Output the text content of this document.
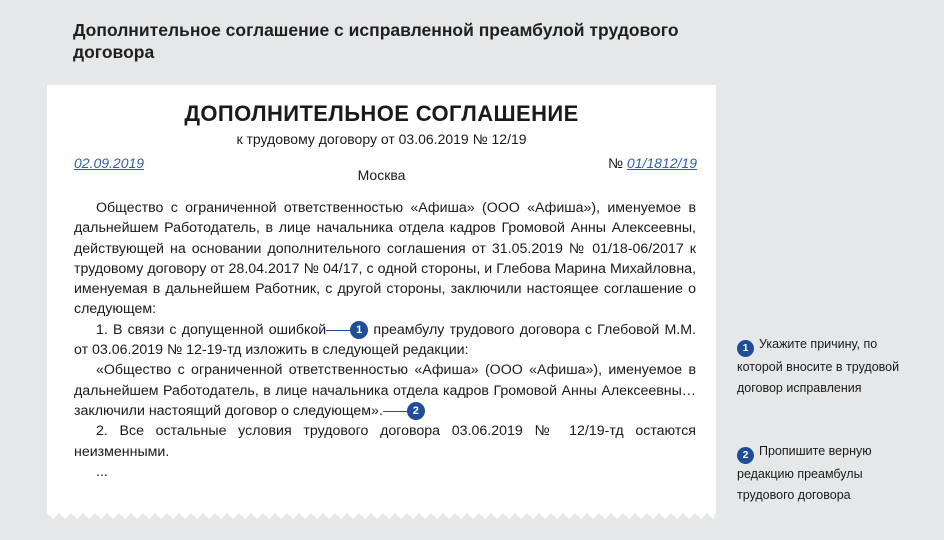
Дополнительное соглашение с исправленной преамбулой трудового договора
ДОПОЛНИТЕЛЬНОЕ СОГЛАШЕНИЕ
к трудовому договору от 03.06.2019 № 12/19
02.09.2019
Москва
№ 01/1812/19

Общество с ограниченной ответственностью «Афиша» (ООО «Афиша»), именуемое в дальнейшем Работодатель, в лице начальника отдела кадров Громовой Анны Алексеевны, действующей на основании дополнительного соглашения от 31.05.2019 № 01/18-06/2017 к трудовому договору от 28.04.2017 № 04/17, с одной стороны, и Глебова Марина Михайловна, именуемая в дальнейшем Работник, с другой стороны, заключили настоящее соглашение о следующем:

1. В связи с допущенной ошибкой	1 преамбулу трудового договора с Глебовой М.М. от 03.06.2019 № 12-19-тд изложить в следующей редакции:

«Общество с ограниченной ответственностью «Афиша» (ООО «Афиша»), именуемое в дальнейшем Работодатель, в лице начальника отдела кадров Громовой Анны Алексеевны… заключили настоящий договор о следующем».	2

2. Все остальные условия трудового договора 03.06.2019 № 12/19-тд остаются неизменными.

...

1 Укажите причину, по которой вносите в трудовой договор исправления
2 Пропишите верную редакцию преамбулы трудового договора
